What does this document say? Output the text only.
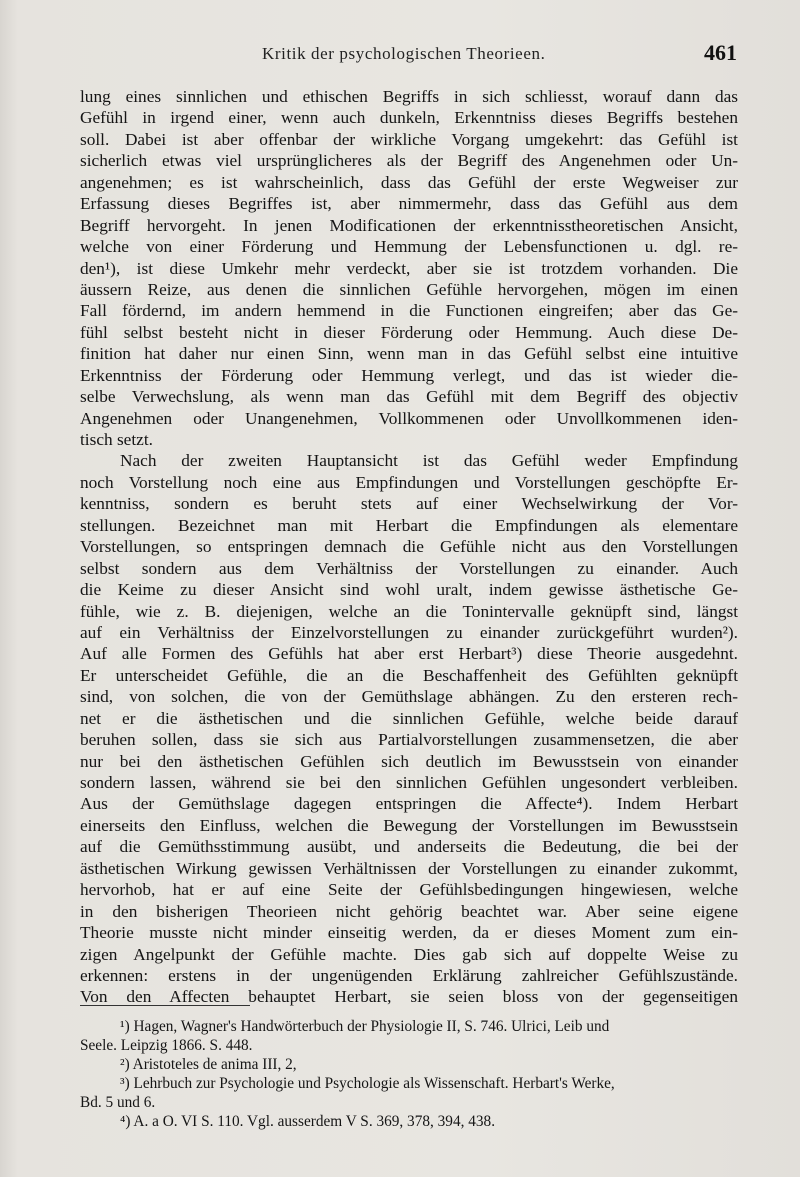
Kritik der psychologischen Theorieen.	461
lung eines sinnlichen und ethischen Begriffs in sich schliesst, worauf dann das
Gefühl in irgend einer, wenn auch dunkeln, Erkenntniss dieses Begriffs bestehen
soll. Dabei ist aber offenbar der wirkliche Vorgang umgekehrt: das Gefühl ist
sicherlich etwas viel ursprünglicheres als der Begriff des Angenehmen oder Un-
angenehmen; es ist wahrscheinlich, dass das Gefühl der erste Wegweiser zur
Erfassung dieses Begriffes ist, aber nimmermehr, dass das Gefühl aus dem
Begriff hervorgeht. In jenen Modificationen der erkenntnisstheoretischen Ansicht,
welche von einer Förderung und Hemmung der Lebensfunctionen u. dgl. re-
den¹), ist diese Umkehr mehr verdeckt, aber sie ist trotzdem vorhanden. Die
äussern Reize, aus denen die sinnlichen Gefühle hervorgehen, mögen im einen
Fall fördernd, im andern hemmend in die Functionen eingreifen; aber das Ge-
fühl selbst besteht nicht in dieser Förderung oder Hemmung. Auch diese De-
finition hat daher nur einen Sinn, wenn man in das Gefühl selbst eine intuitive
Erkenntniss der Förderung oder Hemmung verlegt, und das ist wieder die-
selbe Verwechslung, als wenn man das Gefühl mit dem Begriff des objectiv
Angenehmen oder Unangenehmen, Vollkommenen oder Unvollkommenen iden-
tisch setzt.
Nach der zweiten Hauptansicht ist das Gefühl weder Empfindung
noch Vorstellung noch eine aus Empfindungen und Vorstellungen geschöpfte Er-
kenntniss, sondern es beruht stets auf einer Wechselwirkung der Vor-
stellungen. Bezeichnet man mit Herbart die Empfindungen als elementare
Vorstellungen, so entspringen demnach die Gefühle nicht aus den Vorstellungen
selbst sondern aus dem Verhältniss der Vorstellungen zu einander. Auch
die Keime zu dieser Ansicht sind wohl uralt, indem gewisse ästhetische Ge-
fühle, wie z. B. diejenigen, welche an die Tonintervalle geknüpft sind, längst
auf ein Verhältniss der Einzelvorstellungen zu einander zurückgeführt wurden²).
Auf alle Formen des Gefühls hat aber erst Herbart³) diese Theorie ausgedehnt.
Er unterscheidet Gefühle, die an die Beschaffenheit des Gefühlten geknüpft
sind, von solchen, die von der Gemüthslage abhängen. Zu den ersteren rech-
net er die ästhetischen und die sinnlichen Gefühle, welche beide darauf
beruhen sollen, dass sie sich aus Partialvorstellungen zusammensetzen, die aber
nur bei den ästhetischen Gefühlen sich deutlich im Bewusstsein von einander
sondern lassen, während sie bei den sinnlichen Gefühlen ungesondert verbleiben.
Aus der Gemüthslage dagegen entspringen die Affecte⁴). Indem Herbart
einerseits den Einfluss, welchen die Bewegung der Vorstellungen im Bewusstsein
auf die Gemüthsstimmung ausübt, und anderseits die Bedeutung, die bei der
ästhetischen Wirkung gewissen Verhältnissen der Vorstellungen zu einander zukommt,
hervorhob, hat er auf eine Seite der Gefühlsbedingungen hingewiesen, welche
in den bisherigen Theorieen nicht gehörig beachtet war. Aber seine eigene
Theorie musste nicht minder einseitig werden, da er dieses Moment zum ein-
zigen Angelpunkt der Gefühle machte. Dies gab sich auf doppelte Weise zu
erkennen: erstens in der ungenügenden Erklärung zahlreicher Gefühlszustände.
Von den Affecten behauptet Herbart, sie seien bloss von der gegenseitigen
¹) Hagen, Wagner's Handwörterbuch der Physiologie II, S. 746. Ulrici, Leib und
Seele. Leipzig 1866. S. 448.
²) Aristoteles de anima III, 2,
³) Lehrbuch zur Psychologie und Psychologie als Wissenschaft. Herbart's Werke,
Bd. 5 und 6.
⁴) A. a O. VI S. 110. Vgl. ausserdem V S. 369, 378, 394, 438.
